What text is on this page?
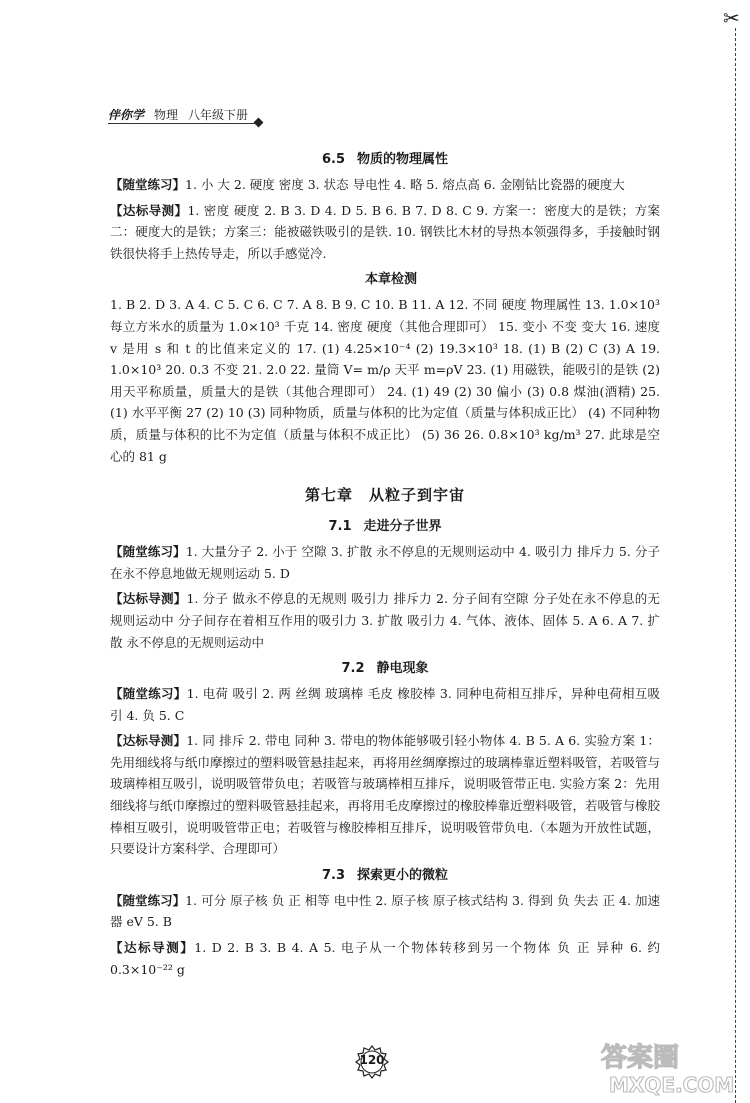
✂
伴你学 物理 八年级下册
6.5 物质的物理属性
【随堂练习】1. 小 大 2. 硬度 密度 3. 状态 导电性 4. 略 5. 熔点高 6. 金刚钻比瓷器的硬度大
【达标导测】1. 密度 硬度 2. B 3. D 4. D 5. B 6. B 7. D 8. C 9. 方案一：密度大的是铁；方案二：硬度大的是铁；方案三：能被磁铁吸引的是铁. 10. 钢铁比木材的导热本领强得多，手接触时钢铁很快将手上热传导走，所以手感觉冷.
本章检测
1. B 2. D 3. A 4. C 5. C 6. C 7. A 8. B 9. C 10. B 11. A 12. 不同 硬度 物理属性 13. 1.0×10³ 每立方米水的质量为 1.0×10³ 千克 14. 密度 硬度（其他合理即可） 15. 变小 不变 变大 16. 速度 v 是用 s 和 t 的比值来定义的 17. (1) 4.25×10⁻⁴ (2) 19.3×10³ 18. (1) B (2) C (3) A 19. 1.0×10³ 20. 0.3 不变 21. 2.0 22. 量筒 V= m/ρ 天平 m=ρV 23. (1) 用磁铁，能吸引的是铁 (2) 用天平称质量，质量大的是铁（其他合理即可） 24. (1) 49 (2) 30 偏小 (3) 0.8 煤油(酒精) 25. (1) 水平平衡 27 (2) 10 (3) 同种物质，质量与体积的比为定值（质量与体积成正比） (4) 不同种物质，质量与体积的比不为定值（质量与体积不成正比） (5) 36 26. 0.8×10³ kg/m³ 27. 此球是空心的 81 g
第七章 从粒子到宇宙
7.1 走进分子世界
【随堂练习】1. 大量分子 2. 小于 空隙 3. 扩散 永不停息的无规则运动中 4. 吸引力 排斥力 5. 分子在永不停息地做无规则运动 5. D
【达标导测】1. 分子 做永不停息的无规则 吸引力 排斥力 2. 分子间有空隙 分子处在永不停息的无规则运动中 分子间存在着相互作用的吸引力 3. 扩散 吸引力 4. 气体、液体、固体 5. A 6. A 7. 扩散 永不停息的无规则运动中
7.2 静电现象
【随堂练习】1. 电荷 吸引 2. 两 丝绸 玻璃棒 毛皮 橡胶棒 3. 同种电荷相互排斥，异种电荷相互吸引 4. 负 5. C
【达标导测】1. 同 排斥 2. 带电 同种 3. 带电的物体能够吸引轻小物体 4. B 5. A 6. 实验方案 1：先用细线将与纸巾摩擦过的塑料吸管悬挂起来，再将用丝绸摩擦过的玻璃棒靠近塑料吸管，若吸管与玻璃棒相互吸引，说明吸管带负电；若吸管与玻璃棒相互排斥，说明吸管带正电. 实验方案 2：先用细线将与纸巾摩擦过的塑料吸管悬挂起来，再将用毛皮摩擦过的橡胶棒靠近塑料吸管，若吸管与橡胶棒相互吸引，说明吸管带正电；若吸管与橡胶棒相互排斥，说明吸管带负电.（本题为开放性试题，只要设计方案科学、合理即可）
7.3 探索更小的微粒
【随堂练习】1. 可分 原子核 负 正 相等 电中性 2. 原子核 原子核式结构 3. 得到 负 失去 正 4. 加速器 eV 5. B
【达标导测】1. D 2. B 3. B 4. A 5. 电子从一个物体转移到另一个物体 负 正 异种 6. 约 0.3×10⁻²² g
120	答案圈
MXQE.COM
